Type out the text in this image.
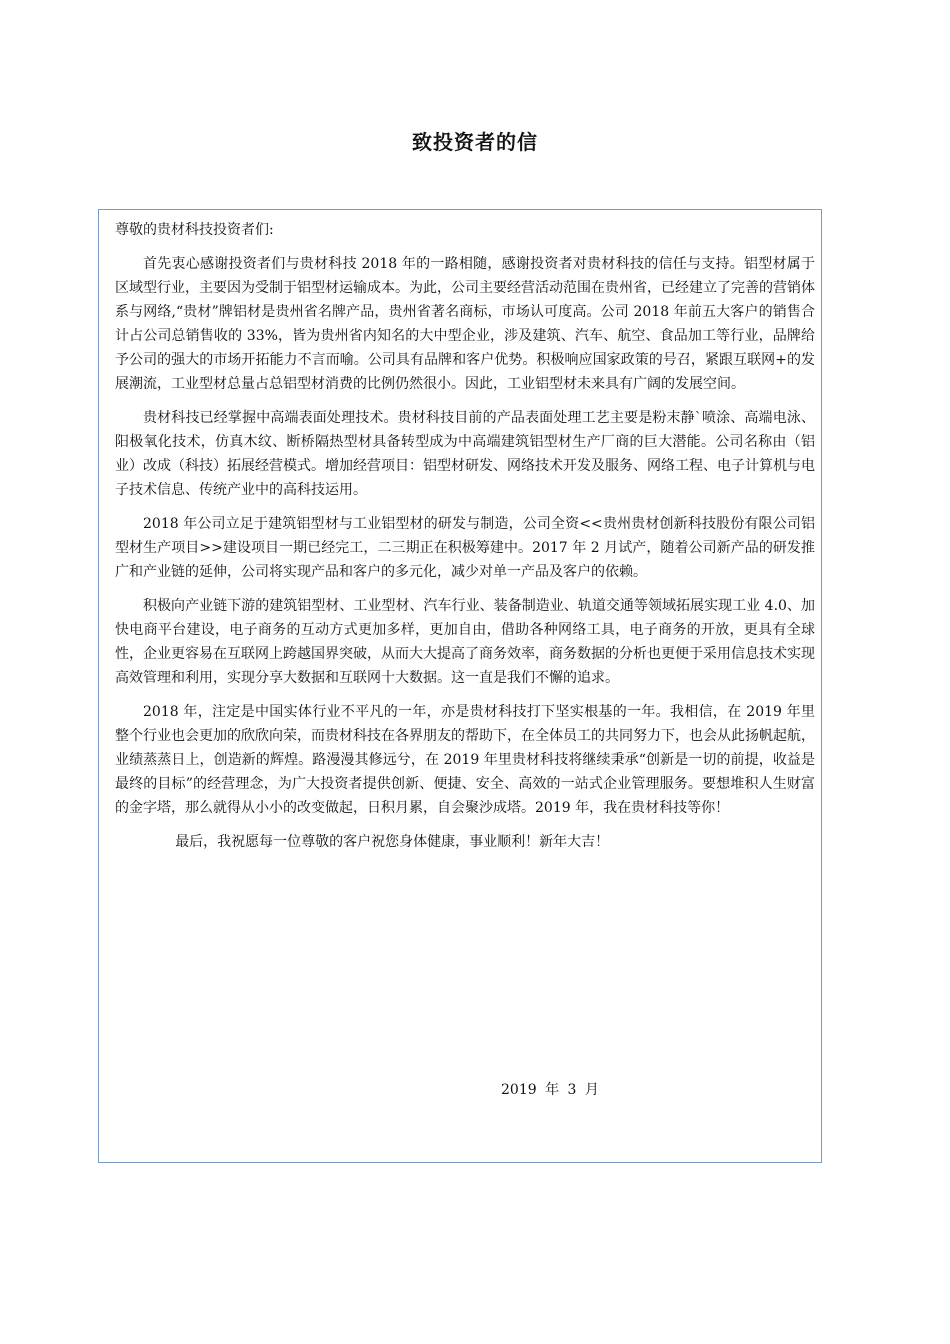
致投资者的信

尊敬的贵材科技投资者们:

首先衷心感谢投资者们与贵材科技 2018 年的一路相随，感谢投资者对贵材科技的信任与支持。铝型材属于区域型行业，主要因为受制于铝型材运输成本。为此，公司主要经营活动范围在贵州省，已经建立了完善的营销体系与网络,“贵材”牌铝材是贵州省名牌产品，贵州省著名商标，市场认可度高。公司 2018 年前五大客户的销售合计占公司总销售收的 33%，皆为贵州省内知名的大中型企业，涉及建筑、汽车、航空、食品加工等行业，品牌给予公司的强大的市场开拓能力不言而喻。公司具有品牌和客户优势。积极响应国家政策的号召，紧跟互联网+的发展潮流，工业型材总量占总铝型材消费的比例仍然很小。因此，工业铝型材未来具有广阔的发展空间。

贵材科技已经掌握中高端表面处理技术。贵材科技目前的产品表面处理工艺主要是粉末静`喷涂、高端电泳、阳极氧化技术，仿真木纹、断桥隔热型材具备转型成为中高端建筑铝型材生产厂商的巨大潜能。公司名称由（铝业）改成（科技）拓展经营模式。增加经营项目：铝型材研发、网络技术开发及服务、网络工程、电子计算机与电子技术信息、传统产业中的高科技运用。

2018 年公司立足于建筑铝型材与工业铝型材的研发与制造，公司全资<<贵州贵材创新科技股份有限公司铝型材生产项目>>建设项目一期已经完工，二三期正在积极筹建中。2017 年 2 月试产，随着公司新产品的研发推广和产业链的延伸，公司将实现产品和客户的多元化，减少对单一产品及客户的依赖。

积极向产业链下游的建筑铝型材、工业型材、汽车行业、装备制造业、轨道交通等领域拓展实现工业 4.0、加快电商平台建设，电子商务的互动方式更加多样，更加自由，借助各种网络工具，电子商务的开放，更具有全球性，企业更容易在互联网上跨越国界突破，从而大大提高了商务效率，商务数据的分析也更便于采用信息技术实现高效管理和利用，实现分享大数据和互联网十大数据。这一直是我们不懈的追求。

2018 年，注定是中国实体行业不平凡的一年，亦是贵材科技打下坚实根基的一年。我相信，在 2019 年里整个行业也会更加的欣欣向荣，而贵材科技在各界朋友的帮助下，在全体员工的共同努力下，也会从此扬帆起航，业绩蒸蒸日上，创造新的辉煌。路漫漫其修远兮，在 2019 年里贵材科技将继续秉承“创新是一切的前提，收益是最终的目标”的经营理念，为广大投资者提供创新、便捷、安全、高效的一站式企业管理服务。要想堆积人生财富的金字塔，那么就得从小小的改变做起，日积月累，自会聚沙成塔。2019 年，我在贵材科技等你！

最后，我祝愿每一位尊敬的客户祝您身体健康，事业顺利！新年大吉！

2019 年 3 月
